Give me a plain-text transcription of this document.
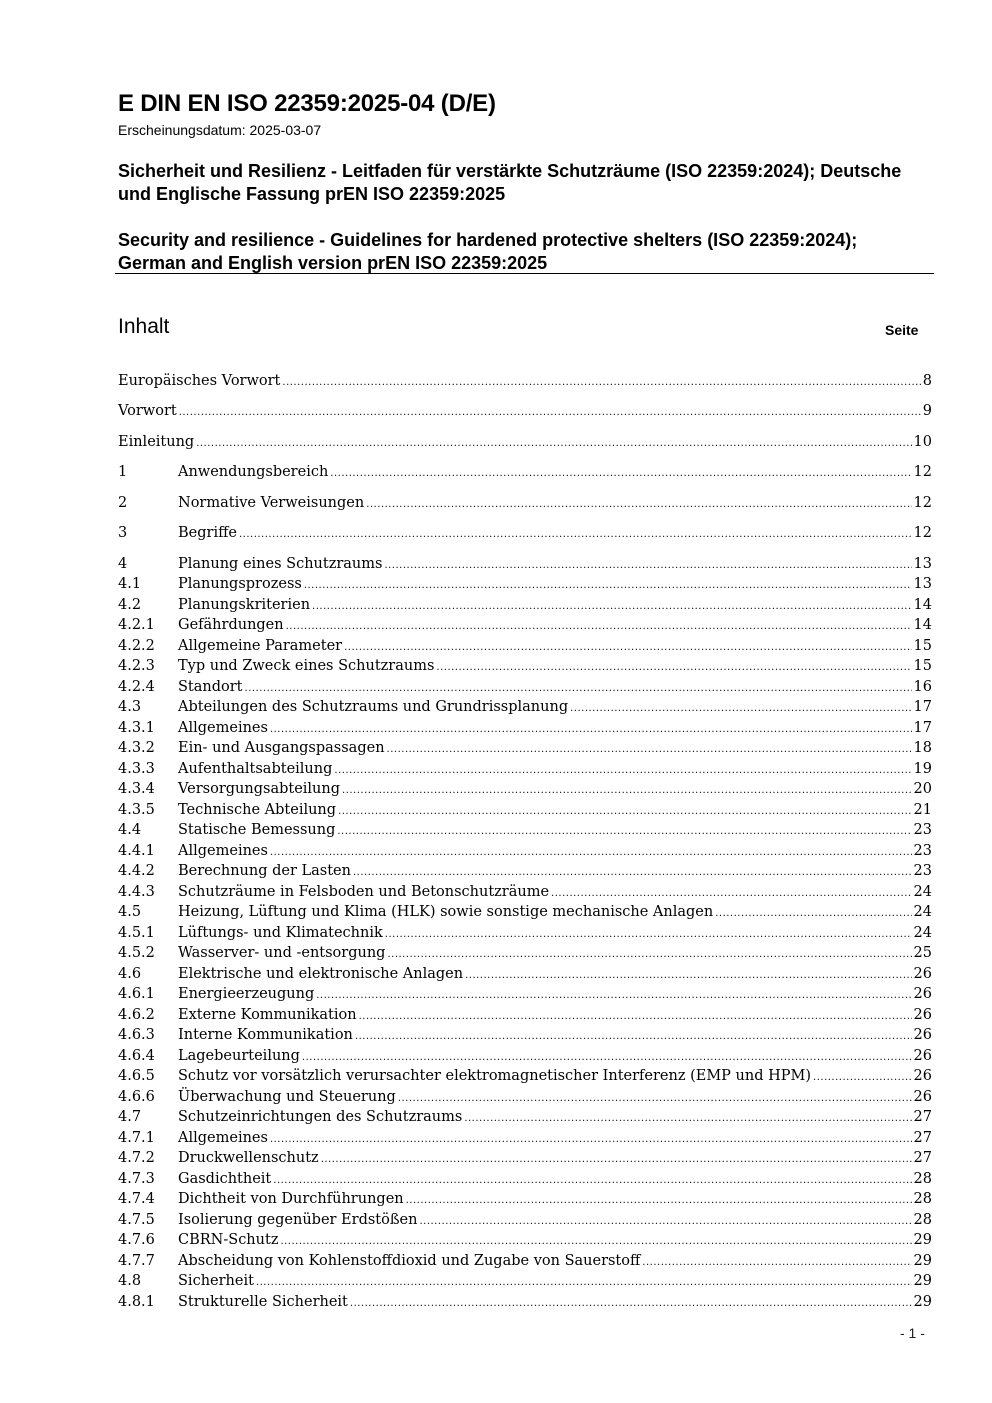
E DIN EN ISO 22359:2025-04 (D/E)
Erscheinungsdatum: 2025-03-07
Sicherheit und Resilienz - Leitfaden für verstärkte Schutzräume (ISO 22359:2024); Deutsche und Englische Fassung prEN ISO 22359:2025
Security and resilience - Guidelines for hardened protective shelters (ISO 22359:2024); German and English version prEN ISO 22359:2025
Inhalt	Seite
Europäisches Vorwort .....	8
Vorwort .....	9
Einleitung .....	10
1	Anwendungsbereich .....	12
2	Normative Verweisungen .....	12
3	Begriffe .....	12
4	Planung eines Schutzraums .....	13
4.1	Planungsprozess .....	13
4.2	Planungskriterien .....	14
4.2.1	Gefährdungen .....	14
4.2.2	Allgemeine Parameter .....	15
4.2.3	Typ und Zweck eines Schutzraums .....	15
4.2.4	Standort .....	16
4.3	Abteilungen des Schutzraums und Grundrissplanung .....	17
4.3.1	Allgemeines .....	17
4.3.2	Ein- und Ausgangspassagen .....	18
4.3.3	Aufenthaltsabteilung .....	19
4.3.4	Versorgungsabteilung .....	20
4.3.5	Technische Abteilung .....	21
4.4	Statische Bemessung .....	23
4.4.1	Allgemeines .....	23
4.4.2	Berechnung der Lasten .....	23
4.4.3	Schutzräume in Felsboden und Betonschutzräume .....	24
4.5	Heizung, Lüftung und Klima (HLK) sowie sonstige mechanische Anlagen .....	24
4.5.1	Lüftungs- und Klimatechnik .....	24
4.5.2	Wasserver- und -entsorgung .....	25
4.6	Elektrische und elektronische Anlagen .....	26
4.6.1	Energieerzeugung .....	26
4.6.2	Externe Kommunikation .....	26
4.6.3	Interne Kommunikation .....	26
4.6.4	Lagebeurteilung .....	26
4.6.5	Schutz vor vorsätzlich verursachter elektromagnetischer Interferenz (EMP und HPM) .....	26
4.6.6	Überwachung und Steuerung .....	26
4.7	Schutzeinrichtungen des Schutzraums .....	27
4.7.1	Allgemeines .....	27
4.7.2	Druckwellenschutz .....	27
4.7.3	Gasdichtheit .....	28
4.7.4	Dichtheit von Durchführungen .....	28
4.7.5	Isolierung gegenüber Erdstößen .....	28
4.7.6	CBRN-Schutz .....	29
4.7.7	Abscheidung von Kohlenstoffdioxid und Zugabe von Sauerstoff .....	29
4.8	Sicherheit .....	29
4.8.1	Strukturelle Sicherheit .....	29
- 1 -
